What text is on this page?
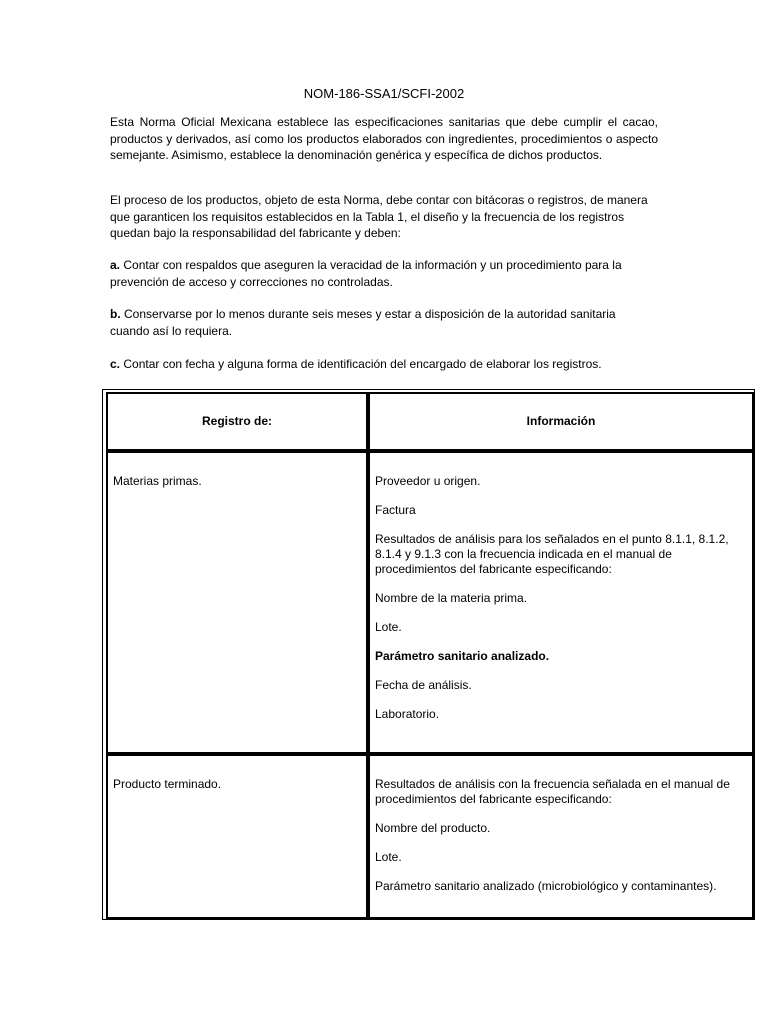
NOM-186-SSA1/SCFI-2002
Esta Norma Oficial Mexicana establece las especificaciones sanitarias que debe cumplir el cacao, productos y derivados, así como los productos elaborados con ingredientes, procedimientos o aspecto semejante. Asimismo, establece la denominación genérica y específica de dichos productos.
El proceso de los productos, objeto de esta Norma, debe contar con bitácoras o registros, de manera que garanticen los requisitos establecidos en la Tabla 1, el diseño y la frecuencia de los registros quedan bajo la responsabilidad del fabricante y deben:
a. Contar con respaldos que aseguren la veracidad de la información y un procedimiento para la prevención de acceso y correcciones no controladas.
b. Conservarse por lo menos durante seis meses y estar a disposición de la autoridad sanitaria cuando así lo requiera.
c. Contar con fecha y alguna forma de identificación del encargado de elaborar los registros.
Registro de:	Información
Materias primas.	Proveedor u origen.
Factura
Resultados de análisis para los señalados en el punto 8.1.1, 8.1.2, 8.1.4 y 9.1.3 con la frecuencia indicada en el manual de procedimientos del fabricante especificando:
Nombre de la materia prima.
Lote.
Parámetro sanitario analizado.
Fecha de análisis.
Laboratorio.
Producto terminado.	Resultados de análisis con la frecuencia señalada en el manual de procedimientos del fabricante especificando:
Nombre del producto.
Lote.
Parámetro sanitario analizado (microbiológico y contaminantes).
